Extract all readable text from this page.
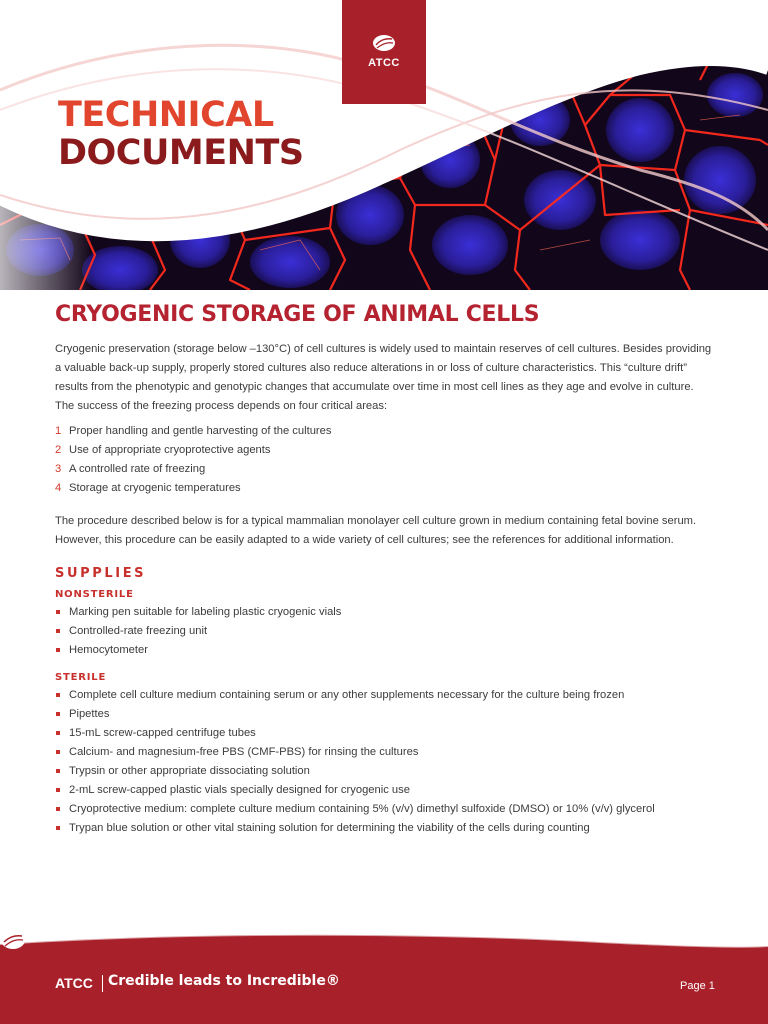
TECHNICAL
DOCUMENTS
ATCC
CRYOGENIC STORAGE OF ANIMAL CELLS

Cryogenic preservation (storage below –130°C) of cell cultures is widely used to maintain reserves of cell cultures. Besides providing a valuable back-up supply, properly stored cultures also reduce alterations in or loss of culture characteristics. This “culture drift” results from the phenotypic and genotypic changes that accumulate over time in most cell lines as they age and evolve in culture. The success of the freezing process depends on four critical areas:

1 Proper handling and gentle harvesting of the cultures
2 Use of appropriate cryoprotective agents
3 A controlled rate of freezing
4 Storage at cryogenic temperatures

The procedure described below is for a typical mammalian monolayer cell culture grown in medium containing fetal bovine serum. However, this procedure can be easily adapted to a wide variety of cell cultures; see the references for additional information.

SUPPLIES
NONSTERILE
Marking pen suitable for labeling plastic cryogenic vials
Controlled-rate freezing unit
Hemocytometer
STERILE
Complete cell culture medium containing serum or any other supplements necessary for the culture being frozen
Pipettes
15-mL screw-capped centrifuge tubes
Calcium- and magnesium-free PBS (CMF-PBS) for rinsing the cultures
Trypsin or other appropriate dissociating solution
2-mL screw-capped plastic vials specially designed for cryogenic use
Cryoprotective medium: complete culture medium containing 5% (v/v) dimethyl sulfoxide (DMSO) or 10% (v/v) glycerol
Trypan blue solution or other vital staining solution for determining the viability of the cells during counting
ATCC Credible leads to Incredible®	Page 1
